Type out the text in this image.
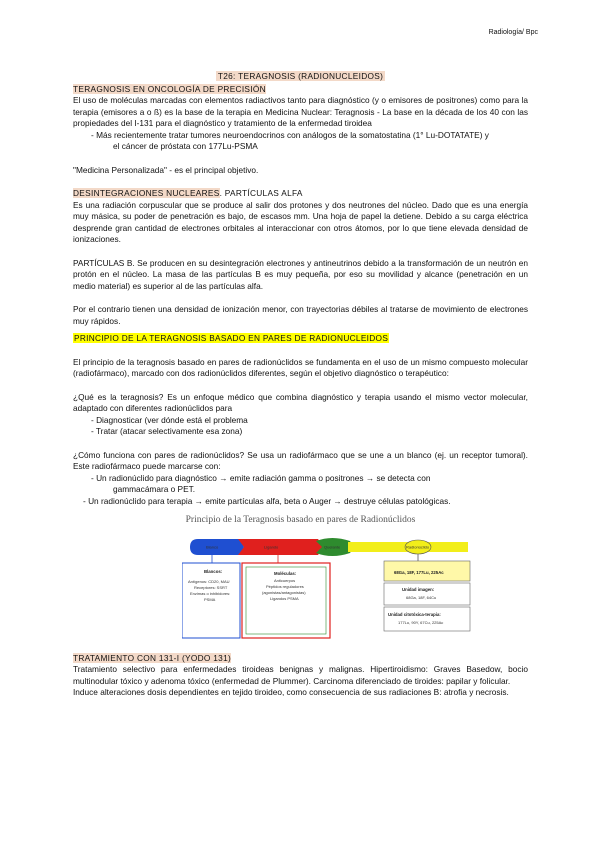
Radiología/ Bpc
T26: TERAGNOSIS (RADIONUCLEIDOS)
TERAGNOSIS EN ONCOLOGÍA DE PRECISIÓN

El uso de moléculas marcadas con elementos radiactivos tanto para diagnóstico (y o emisores de positrones) como para la terapia (emisores a o ß) es la base de la terapia en Medicina Nuclear: Teragnosis - La base en la década de los 40 con las propiedades del I-131 para el diagnóstico y tratamiento de la enfermedad tiroidea

- Más recientemente tratar tumores neuroendocrinos con análogos de la somatostatina (1° Lu-DOTATATE) y

el cáncer de próstata con 177Lu-PSMA

"Medicina Personalizada" - es el principal objetivo.

DESINTEGRACIONES NUCLEARES. PARTÍCULAS ALFA

Es una radiación corpuscular que se produce al salir dos protones y dos neutrones del núcleo. Dado que es una energía muy másica, su poder de penetración es bajo, de escasos mm. Una hoja de papel la detiene. Debido a su carga eléctrica desprende gran cantidad de electrones orbitales al interaccionar con otros átomos, por lo que tiene elevada densidad de ionizaciones.

PARTÍCULAS B. Se producen en su desintegración electrones y antineutrinos debido a la transformación de un neutrón en protón en el núcleo. La masa de las partículas B es muy pequeña, por eso su movilidad y alcance (penetración en un medio material) es superior al de las partículas alfa.

Por el contrario tienen una densidad de ionización menor, con trayectorias débiles al tratarse de movimiento de electrones muy rápidos.

PRINCIPIO DE LA TERAGNOSIS BASADO EN PARES DE RADIONUCLEIDOS

El principio de la teragnosis basado en pares de radionúclidos se fundamenta en el uso de un mismo compuesto molecular (radiofármaco), marcado con dos radionúclidos diferentes, según el objetivo diagnóstico o terapéutico:

¿Qué es la teragnosis? Es un enfoque médico que combina diagnóstico y terapia usando el mismo vector molecular, adaptado con diferentes radionúclidos para

- Diagnosticar (ver dónde está el problema

- Tratar (atacar selectivamente esa zona)

¿Cómo funciona con pares de radionúclidos? Se usa un radiofármaco que se une a un blanco (ej. un receptor tumoral). Este radiofármaco puede marcarse con:

- Un radionúclido para diagnóstico → emite radiación gamma o positrones → se detecta con

gammacámara o PET.

- Un radionúclido para terapia → emite partículas alfa, beta o Auger → destruye células patológicas.

Principio de la Teragnosis basado en pares de Radionúclidos
Blanco	Ligando	Quelante	Radionúclido
Blancos:
Antígenos: CD20, MAU
Receptores: SSRT
Enzimas o inhibidores:
PSMA
Moléculas:
Anticuerpos
Péptidos reguladores
(agonistas/antagonistas)
Ligandos PSMA
68Ga, 18F, 177Lu, 225Ac
Unidad imagen:
68Ga, 18F, 64Cu
Unidad citotóxica-terapia:
177Lu, 90Y, 67Cu, 225Ac
TRATAMIENTO CON 131-I (YODO 131)

Tratamiento selectivo para enfermedades tiroideas benignas y malignas. Hipertiroidismo: Graves Basedow, bocio multinodular tóxico y adenoma tóxico (enfermedad de Plummer). Carcinoma diferenciado de tiroides: papilar y folicular.

Induce alteraciones dosis dependientes en tejido tiroideo, como consecuencia de sus radiaciones B: atrofia y necrosis.
